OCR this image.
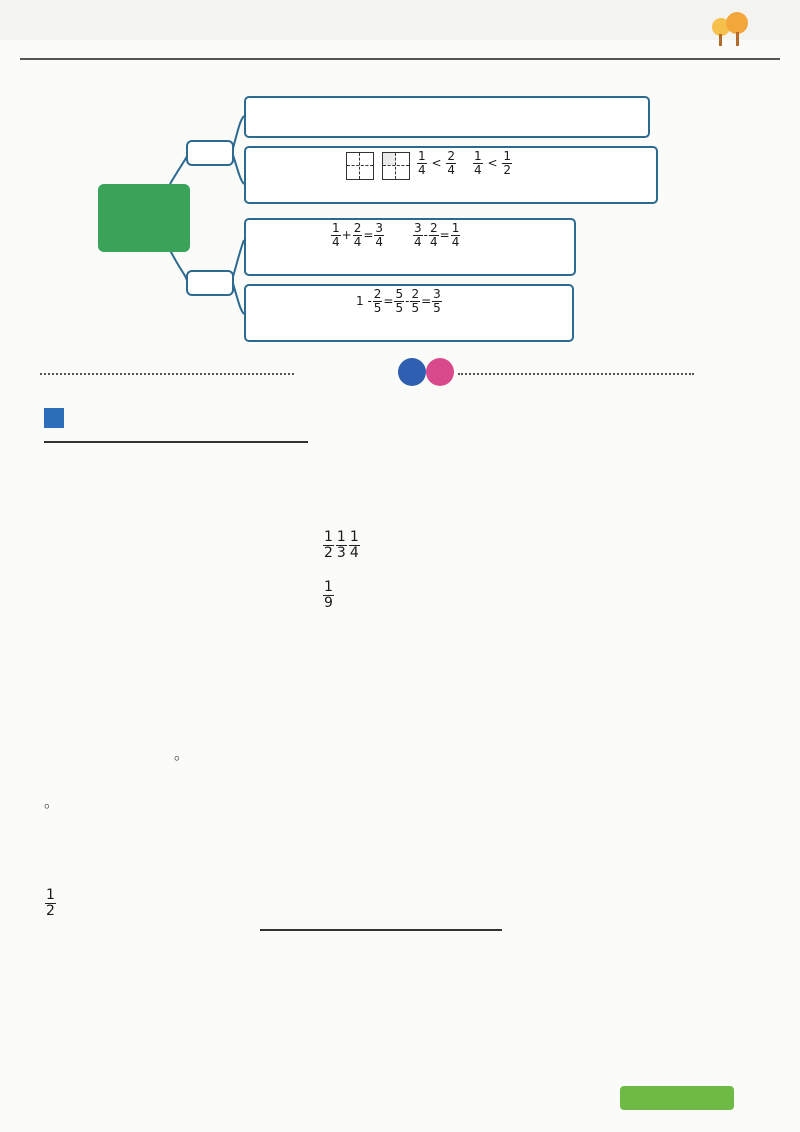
$\frac{1}{4} < \frac{2}{4} \frac{1}{4} < \frac{1}{2}$
$\frac{1}{4} + \frac{2}{4} = \frac{3}{4} \frac{3}{4} - \frac{2}{4} = \frac{1}{4}$
$1 - \frac{2}{5} = \frac{5}{5} - \frac{2}{5} = \frac{3}{5}$
$\frac{1}{2} \frac{1}{3} \frac{1}{4}$
$\frac{1}{9}$
。
。
$\frac{1}{2}$
